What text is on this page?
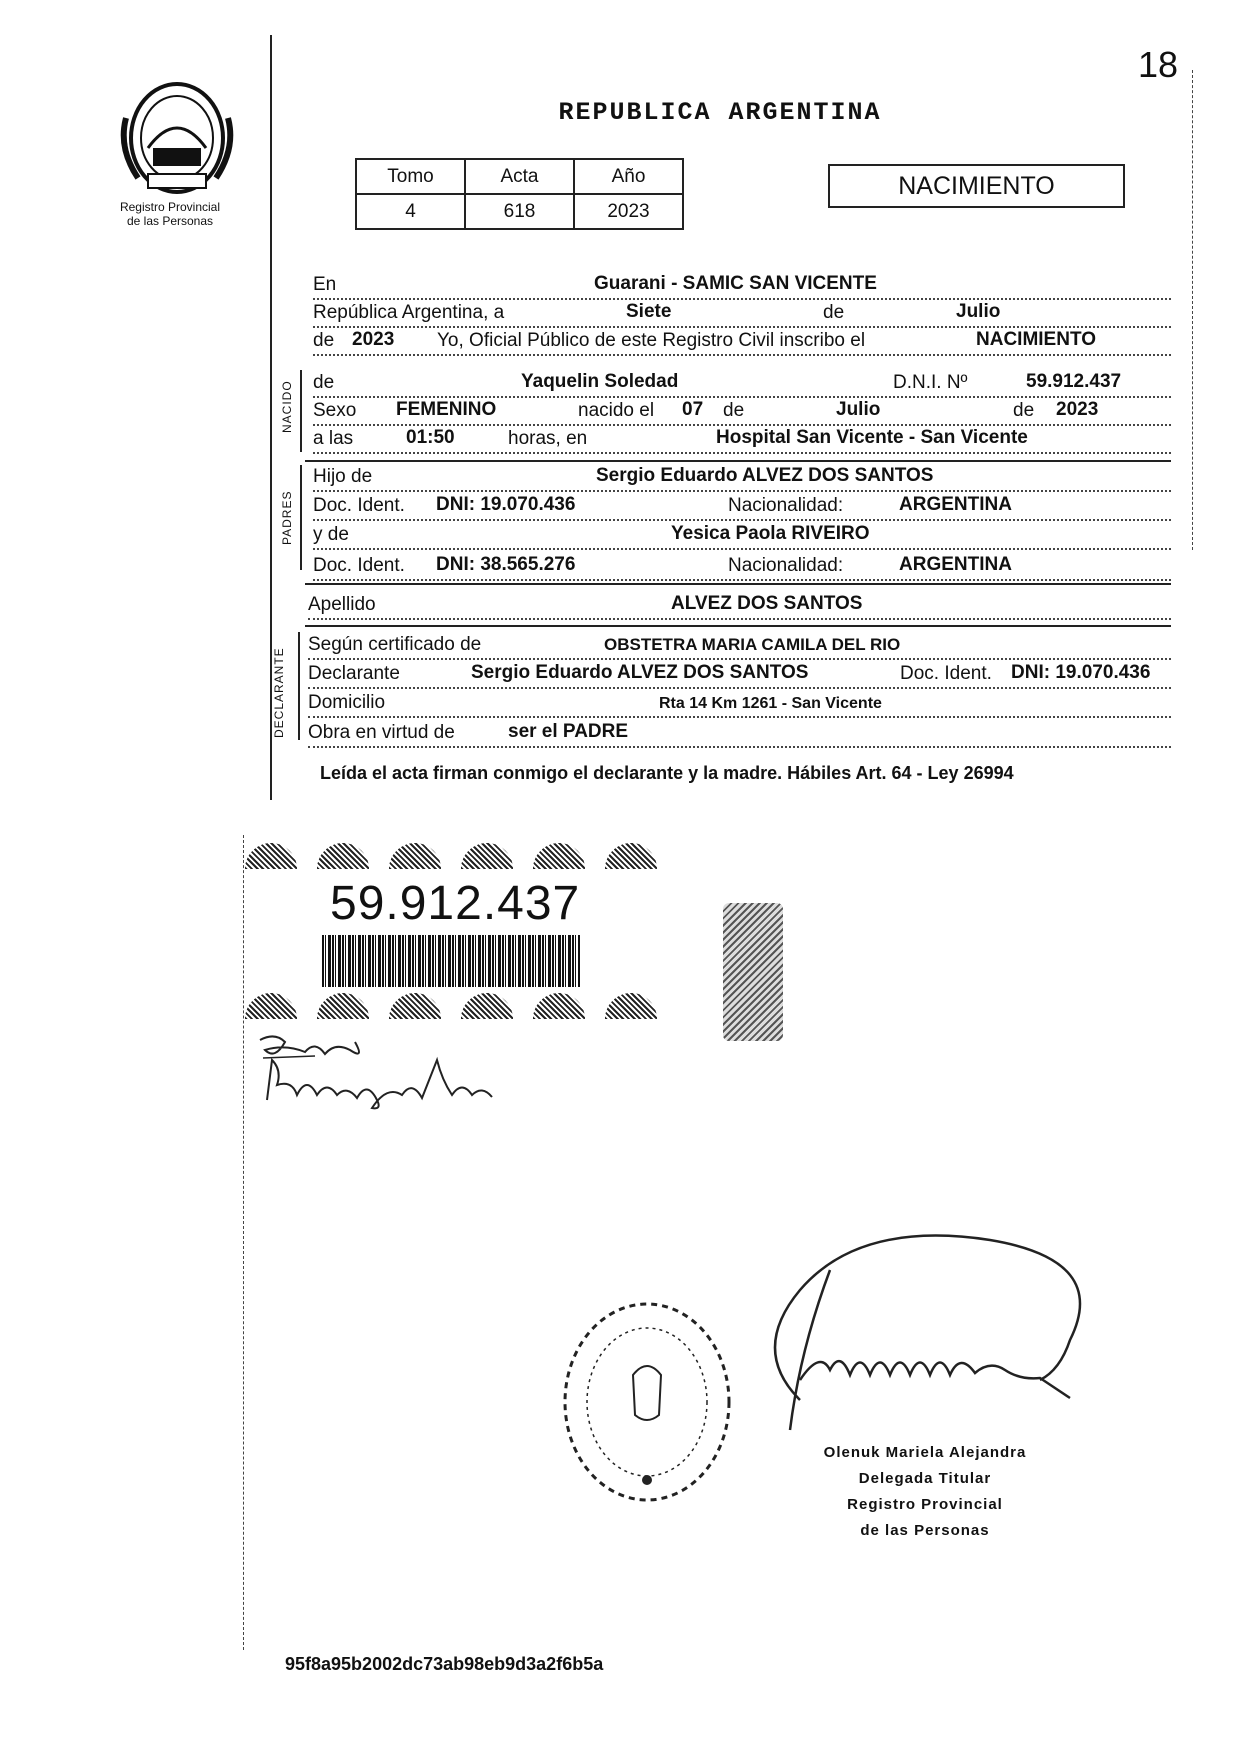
18
Registro Provincial
de las Personas
REPUBLICA ARGENTINA
Tomo	Acta	Año
4	618	2023
NACIMIENTO
En	Guarani - SAMIC SAN VICENTE
República Argentina, a	Siete	de	Julio
de 2023 Yo, Oficial Público de este Registro Civil inscribo el	NACIMIENTO
NACIDO de	Yaquelin Soledad	D.N.I. Nº	59.912.437
Sexo FEMENINO	nacido el 07 de	Julio	de 2023
a las	01:50	horas, en	Hospital San Vicente - San Vicente
PADRES
Hijo de	Sergio Eduardo ALVEZ DOS SANTOS
Doc. Ident. DNI: 19.070.436	Nacionalidad:	ARGENTINA
y de	Yesica Paola RIVEIRO
Doc. Ident. DNI: 38.565.276	Nacionalidad:	ARGENTINA
Apellido	ALVEZ DOS SANTOS
DECLARANTE
Según certificado de	OBSTETRA MARIA CAMILA DEL RIO
Declarante	Sergio Eduardo ALVEZ DOS SANTOS	Doc. Ident. DNI: 19.070.436
Domicilio	Rta 14 Km 1261 - San Vicente
Obra en virtud de	ser el PADRE
Leída el acta firman conmigo el declarante y la madre. Hábiles Art. 64 - Ley 26994
59.912.437
Olenuk Mariela Alejandra
Delegada Titular
Registro Provincial
de las Personas
95f8a95b2002dc73ab98eb9d3a2f6b5a
